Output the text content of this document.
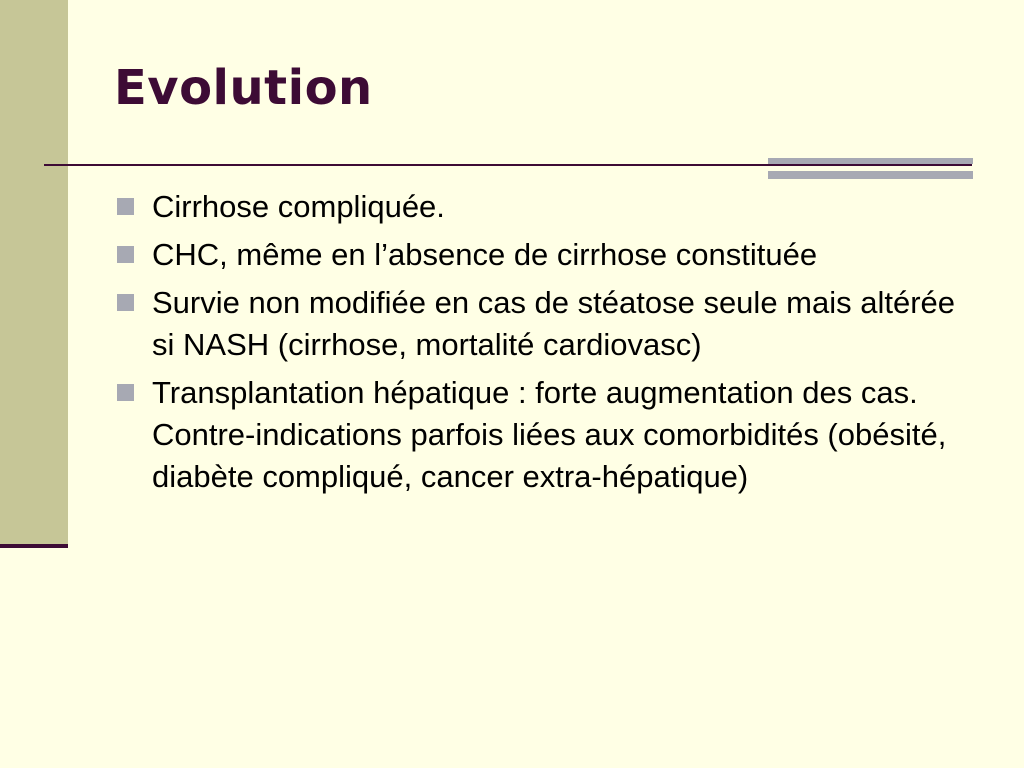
Evolution
Cirrhose compliquée.
CHC, même en l’absence de cirrhose constituée
Survie non modifiée en cas de stéatose seule mais altérée si NASH (cirrhose, mortalité cardiovasc)
Transplantation hépatique : forte augmentation des cas. Contre-indications parfois liées aux comorbidités (obésité, diabète compliqué, cancer extra-hépatique)
